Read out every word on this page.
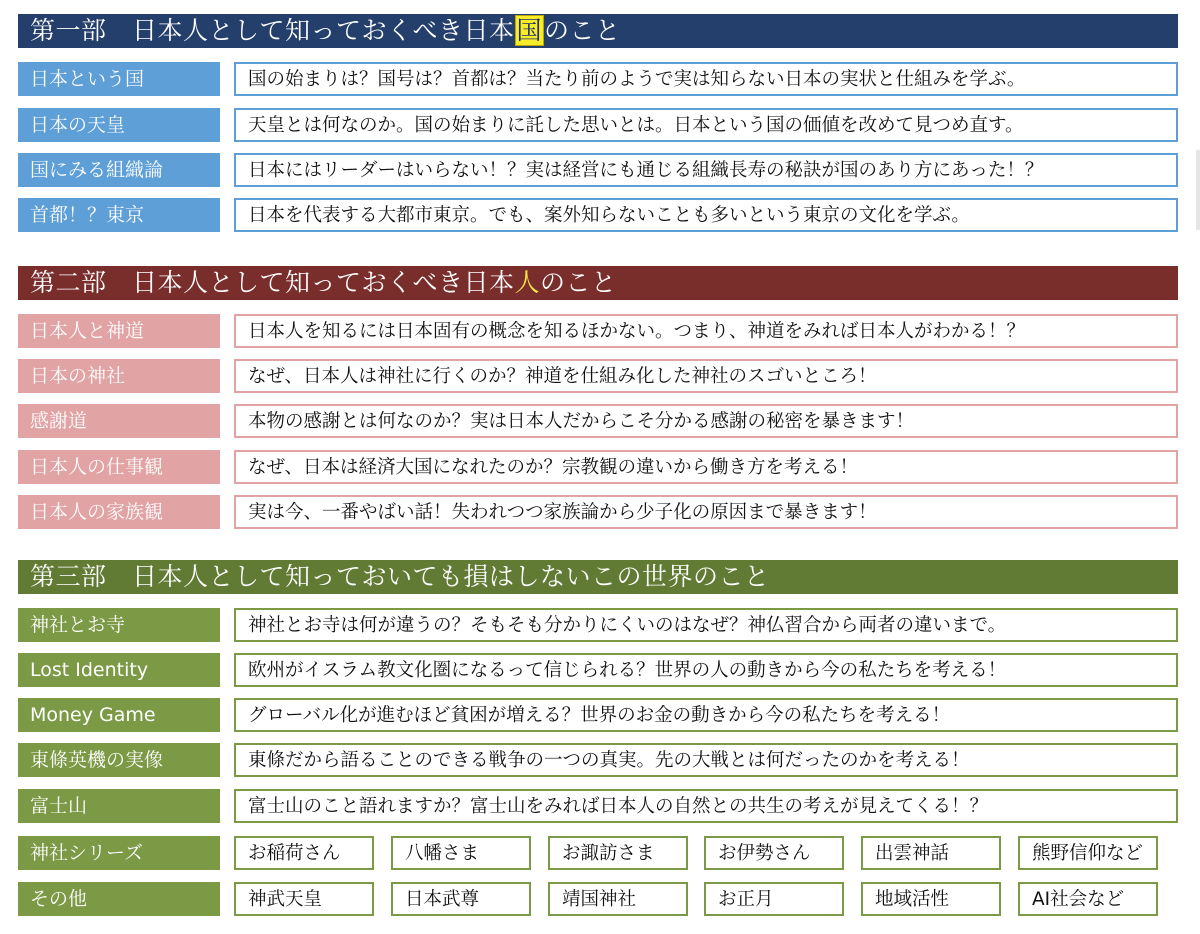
第一部　日本人として知っておくべき日本国のこと
日本という国	国の始まりは？国号は？首都は？当たり前のようで実は知らない日本の実状と仕組みを学ぶ。
日本の天皇	天皇とは何なのか。国の始まりに託した思いとは。日本という国の価値を改めて見つめ直す。
国にみる組織論	日本にはリーダーはいらない！？実は経営にも通じる組織長寿の秘訣が国のあり方にあった！？
首都！？東京	日本を代表する大都市東京。でも、案外知らないことも多いという東京の文化を学ぶ。
第二部　日本人として知っておくべき日本人のこと
日本人と神道	日本人を知るには日本固有の概念を知るほかない。つまり、神道をみれば日本人がわかる！？
日本の神社	なぜ、日本人は神社に行くのか？神道を仕組み化した神社のスゴいところ！
感謝道	本物の感謝とは何なのか？実は日本人だからこそ分かる感謝の秘密を暴きます！
日本人の仕事観	なぜ、日本は経済大国になれたのか？宗教観の違いから働き方を考える！
日本人の家族観	実は今、一番やばい話！失われつつ家族論から少子化の原因まで暴きます！
第三部　日本人として知っておいても損はしないこの世界のこと
神社とお寺	神社とお寺は何が違うの？そもそも分かりにくいのはなぜ？神仏習合から両者の違いまで。
Lost Identity	欧州がイスラム教文化圏になるって信じられる？世界の人の動きから今の私たちを考える！
Money Game	グローバル化が進むほど貧困が増える？世界のお金の動きから今の私たちを考える！
東條英機の実像	東條だから語ることのできる戦争の一つの真実。先の大戦とは何だったのかを考える！
富士山	富士山のこと語れますか？富士山をみれば日本人の自然との共生の考えが見えてくる！？
神社シリーズ	お稲荷さん	八幡さま	お諏訪さま	お伊勢さん	出雲神話	熊野信仰など
その他	神武天皇	日本武尊	靖国神社	お正月	地域活性	AI社会など
